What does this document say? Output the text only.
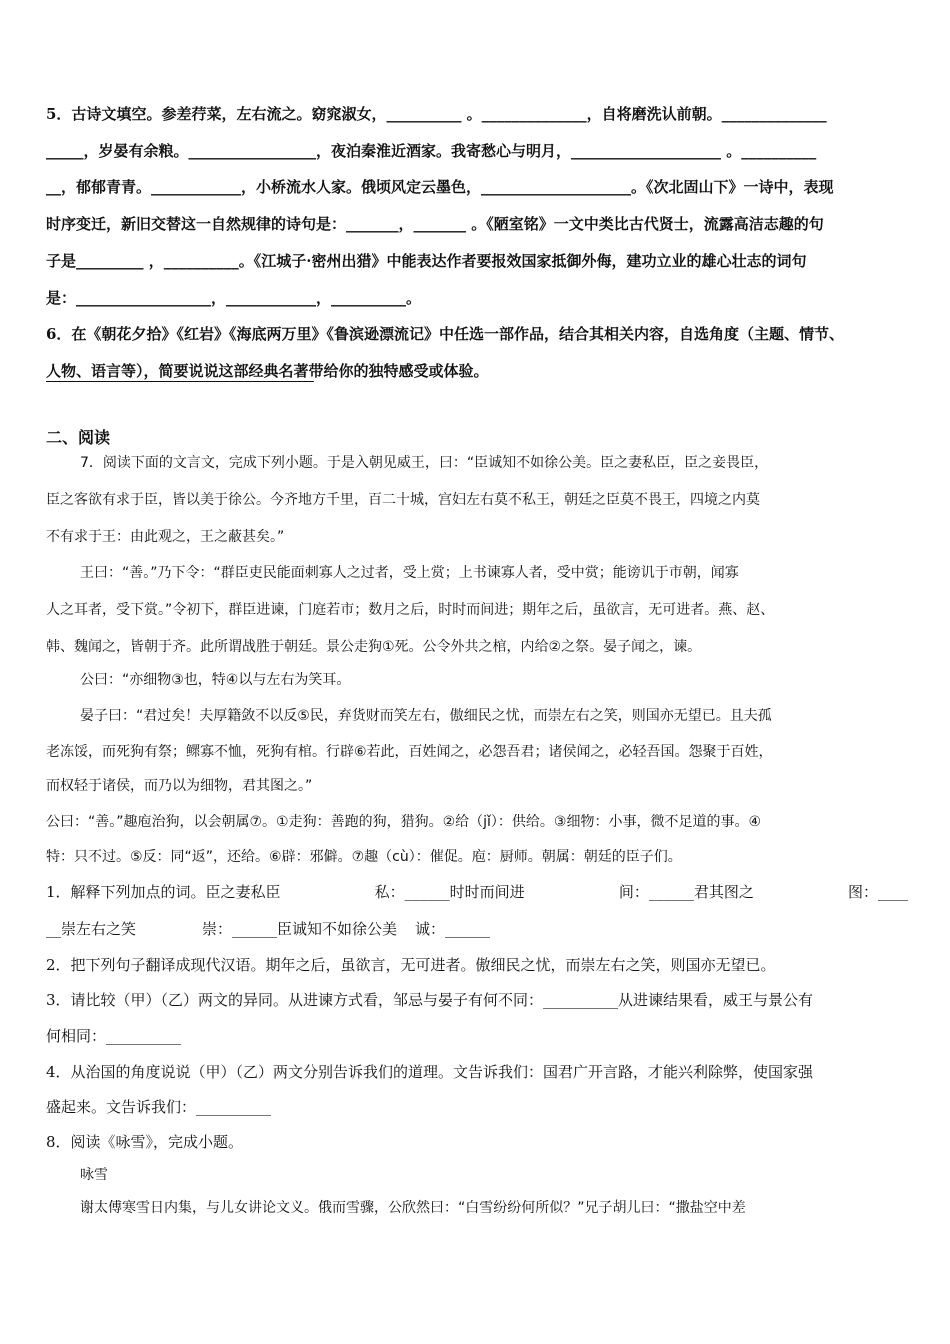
5．古诗文填空。参差荇菜，左右流之。窈窕淑女，__________ 。______________，自将磨洗认前朝。______________
_____，岁晏有余粮。_________________，夜泊秦淮近酒家。我寄愁心与明月，____________________ 。__________
__，郁郁青青。____________，小桥流水人家。俄顷风定云墨色，____________________。《次北固山下》一诗中，表现
时序变迁，新旧交替这一自然规律的诗句是：_______，_______ 。《陋室铭》一文中类比古代贤士，流露高洁志趣的句
子是_________ ，__________。《江城子·密州出猎》中能表达作者要报效国家抵御外侮，建功立业的雄心壮志的词句
是：__________________，____________，__________。
6．在《朝花夕拾》《红岩》《海底两万里》《鲁滨逊漂流记》中任选一部作品，结合其相关内容，自选角度（主题、情节、
人物、语言等），简要说说这部经典名著带给你的独特感受或体验。
二、阅读
7．阅读下面的文言文，完成下列小题。于是入朝见威王，曰：“臣诚知不如徐公美。臣之妻私臣，臣之妾畏臣，
臣之客欲有求于臣，皆以美于徐公。今齐地方千里，百二十城，宫妇左右莫不私王，朝廷之臣莫不畏王，四境之内莫
不有求于王：由此观之，王之蔽甚矣。”
王曰：“善。”乃下令：“群臣吏民能面刺寡人之过者，受上赏；上书谏寡人者，受中赏；能谤讥于市朝，闻寡
人之耳者，受下赏。”令初下，群臣进谏，门庭若市；数月之后，时时而间进；期年之后，虽欲言，无可进者。燕、赵、
韩、魏闻之，皆朝于齐。此所谓战胜于朝廷。景公走狗①死。公令外共之棺，内给②之祭。晏子闻之，谏。
公曰：“亦细物③也，特④以与左右为笑耳。
晏子曰：“君过矣！夫厚籍敛不以反⑤民，弃货财而笑左右，傲细民之忧，而崇左右之笑，则国亦无望已。且夫孤
老冻馁，而死狗有祭；鳏寡不恤，死狗有棺。行辟⑥若此，百姓闻之，必怨吾君；诸侯闻之，必轻吾国。怨聚于百姓，
而权轻于诸侯，而乃以为细物，君其图之。”
公曰：“善。”趣庖治狗，以会朝属⑦。①走狗：善跑的狗，猎狗。②给（jǐ）：供给。③细物：小事，微不足道的事。④
特：只不过。⑤反：同“返”，还给。⑥辟：邪僻。⑦趣（cù）：催促。庖：厨师。朝属：朝廷的臣子们。
1．解释下列加点的词。臣之妻私臣	私：______时时而间进	间：______君其图之	图：____
__崇左右之笑	崇：______臣诚知不如徐公美 诚：______
2．把下列句子翻译成现代汉语。期年之后，虽欲言，无可进者。傲细民之忧，而崇左右之笑，则国亦无望已。
3．请比较（甲）（乙）两文的异同。从进谏方式看，邹忌与晏子有何不同：__________从进谏结果看，威王与景公有
何相同：__________
4．从治国的角度说说（甲）（乙）两文分别告诉我们的道理。文告诉我们：国君广开言路，才能兴利除弊，使国家强
盛起来。文告诉我们：__________
8．阅读《咏雪》，完成小题。
咏雪
谢太傅寒雪日内集，与儿女讲论文义。俄而雪骤，公欣然曰：“白雪纷纷何所似？”兄子胡儿曰：“撒盐空中差
